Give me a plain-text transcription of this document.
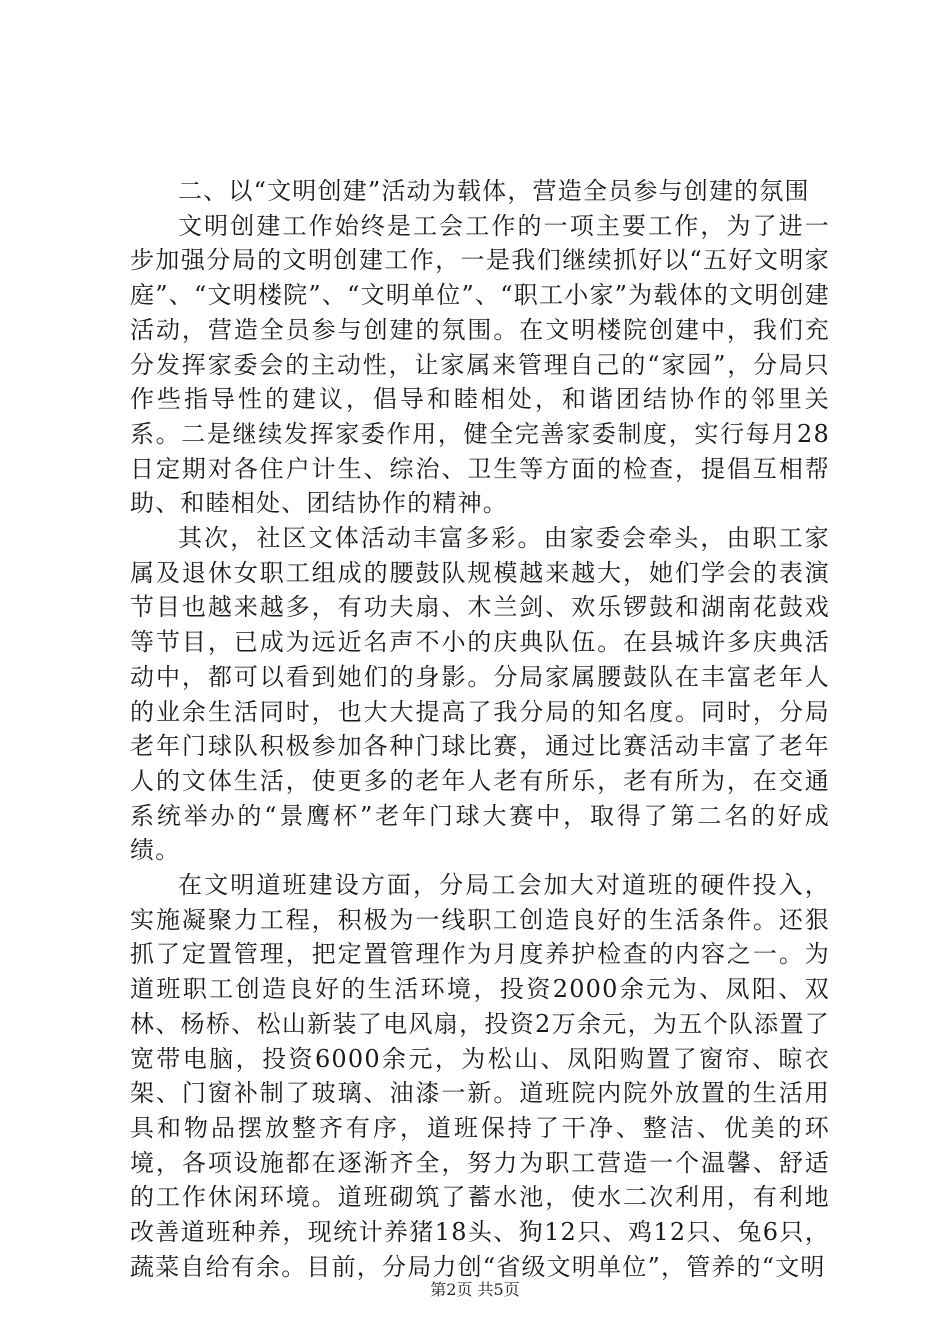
二、以“文明创建”活动为载体，营造全员参与创建的氛围

文明创建工作始终是工会工作的一项主要工作，为了进一步加强分局的文明创建工作，一是我们继续抓好以“五好文明家庭”、“文明楼院”、“文明单位”、“职工小家”为载体的文明创建活动，营造全员参与创建的氛围。在文明楼院创建中，我们充分发挥家委会的主动性，让家属来管理自己的“家园”，分局只作些指导性的建议，倡导和睦相处，和谐团结协作的邻里关系。二是继续发挥家委作用，健全完善家委制度，实行每月28日定期对各住户计生、综治、卫生等方面的检查，提倡互相帮助、和睦相处、团结协作的精神。

其次，社区文体活动丰富多彩。由家委会牵头，由职工家属及退休女职工组成的腰鼓队规模越来越大，她们学会的表演节目也越来越多，有功夫扇、木兰剑、欢乐锣鼓和湖南花鼓戏等节目，已成为远近名声不小的庆典队伍。在县城许多庆典活动中，都可以看到她们的身影。分局家属腰鼓队在丰富老年人的业余生活同时，也大大提高了我分局的知名度。同时，分局老年门球队积极参加各种门球比赛，通过比赛活动丰富了老年人的文体生活，使更多的老年人老有所乐，老有所为，在交通系统举办的“景鹰杯”老年门球大赛中，取得了第二名的好成绩。

在文明道班建设方面，分局工会加大对道班的硬件投入，实施凝聚力工程，积极为一线职工创造良好的生活条件。还狠抓了定置管理，把定置管理作为月度养护检查的内容之一。为道班职工创造良好的生活环境，投资2000余元为、凤阳、双林、杨桥、松山新装了电风扇，投资2万余元，为五个队添置了宽带电脑，投资6000余元，为松山、凤阳购置了窗帘、晾衣架、门窗补制了玻璃、油漆一新。道班院内院外放置的生活用具和物品摆放整齐有序，道班保持了干净、整洁、优美的环境，各项设施都在逐渐齐全，努力为职工营造一个温馨、舒适的工作休闲环境。道班砌筑了蓄水池，使水二次利用，有利地改善道班种养，现统计养猪18头、狗12只、鸡12只、兔6只，蔬菜自给有余。目前，分局力创“省级文明单位”，管养的“文明

第2页 共5页
